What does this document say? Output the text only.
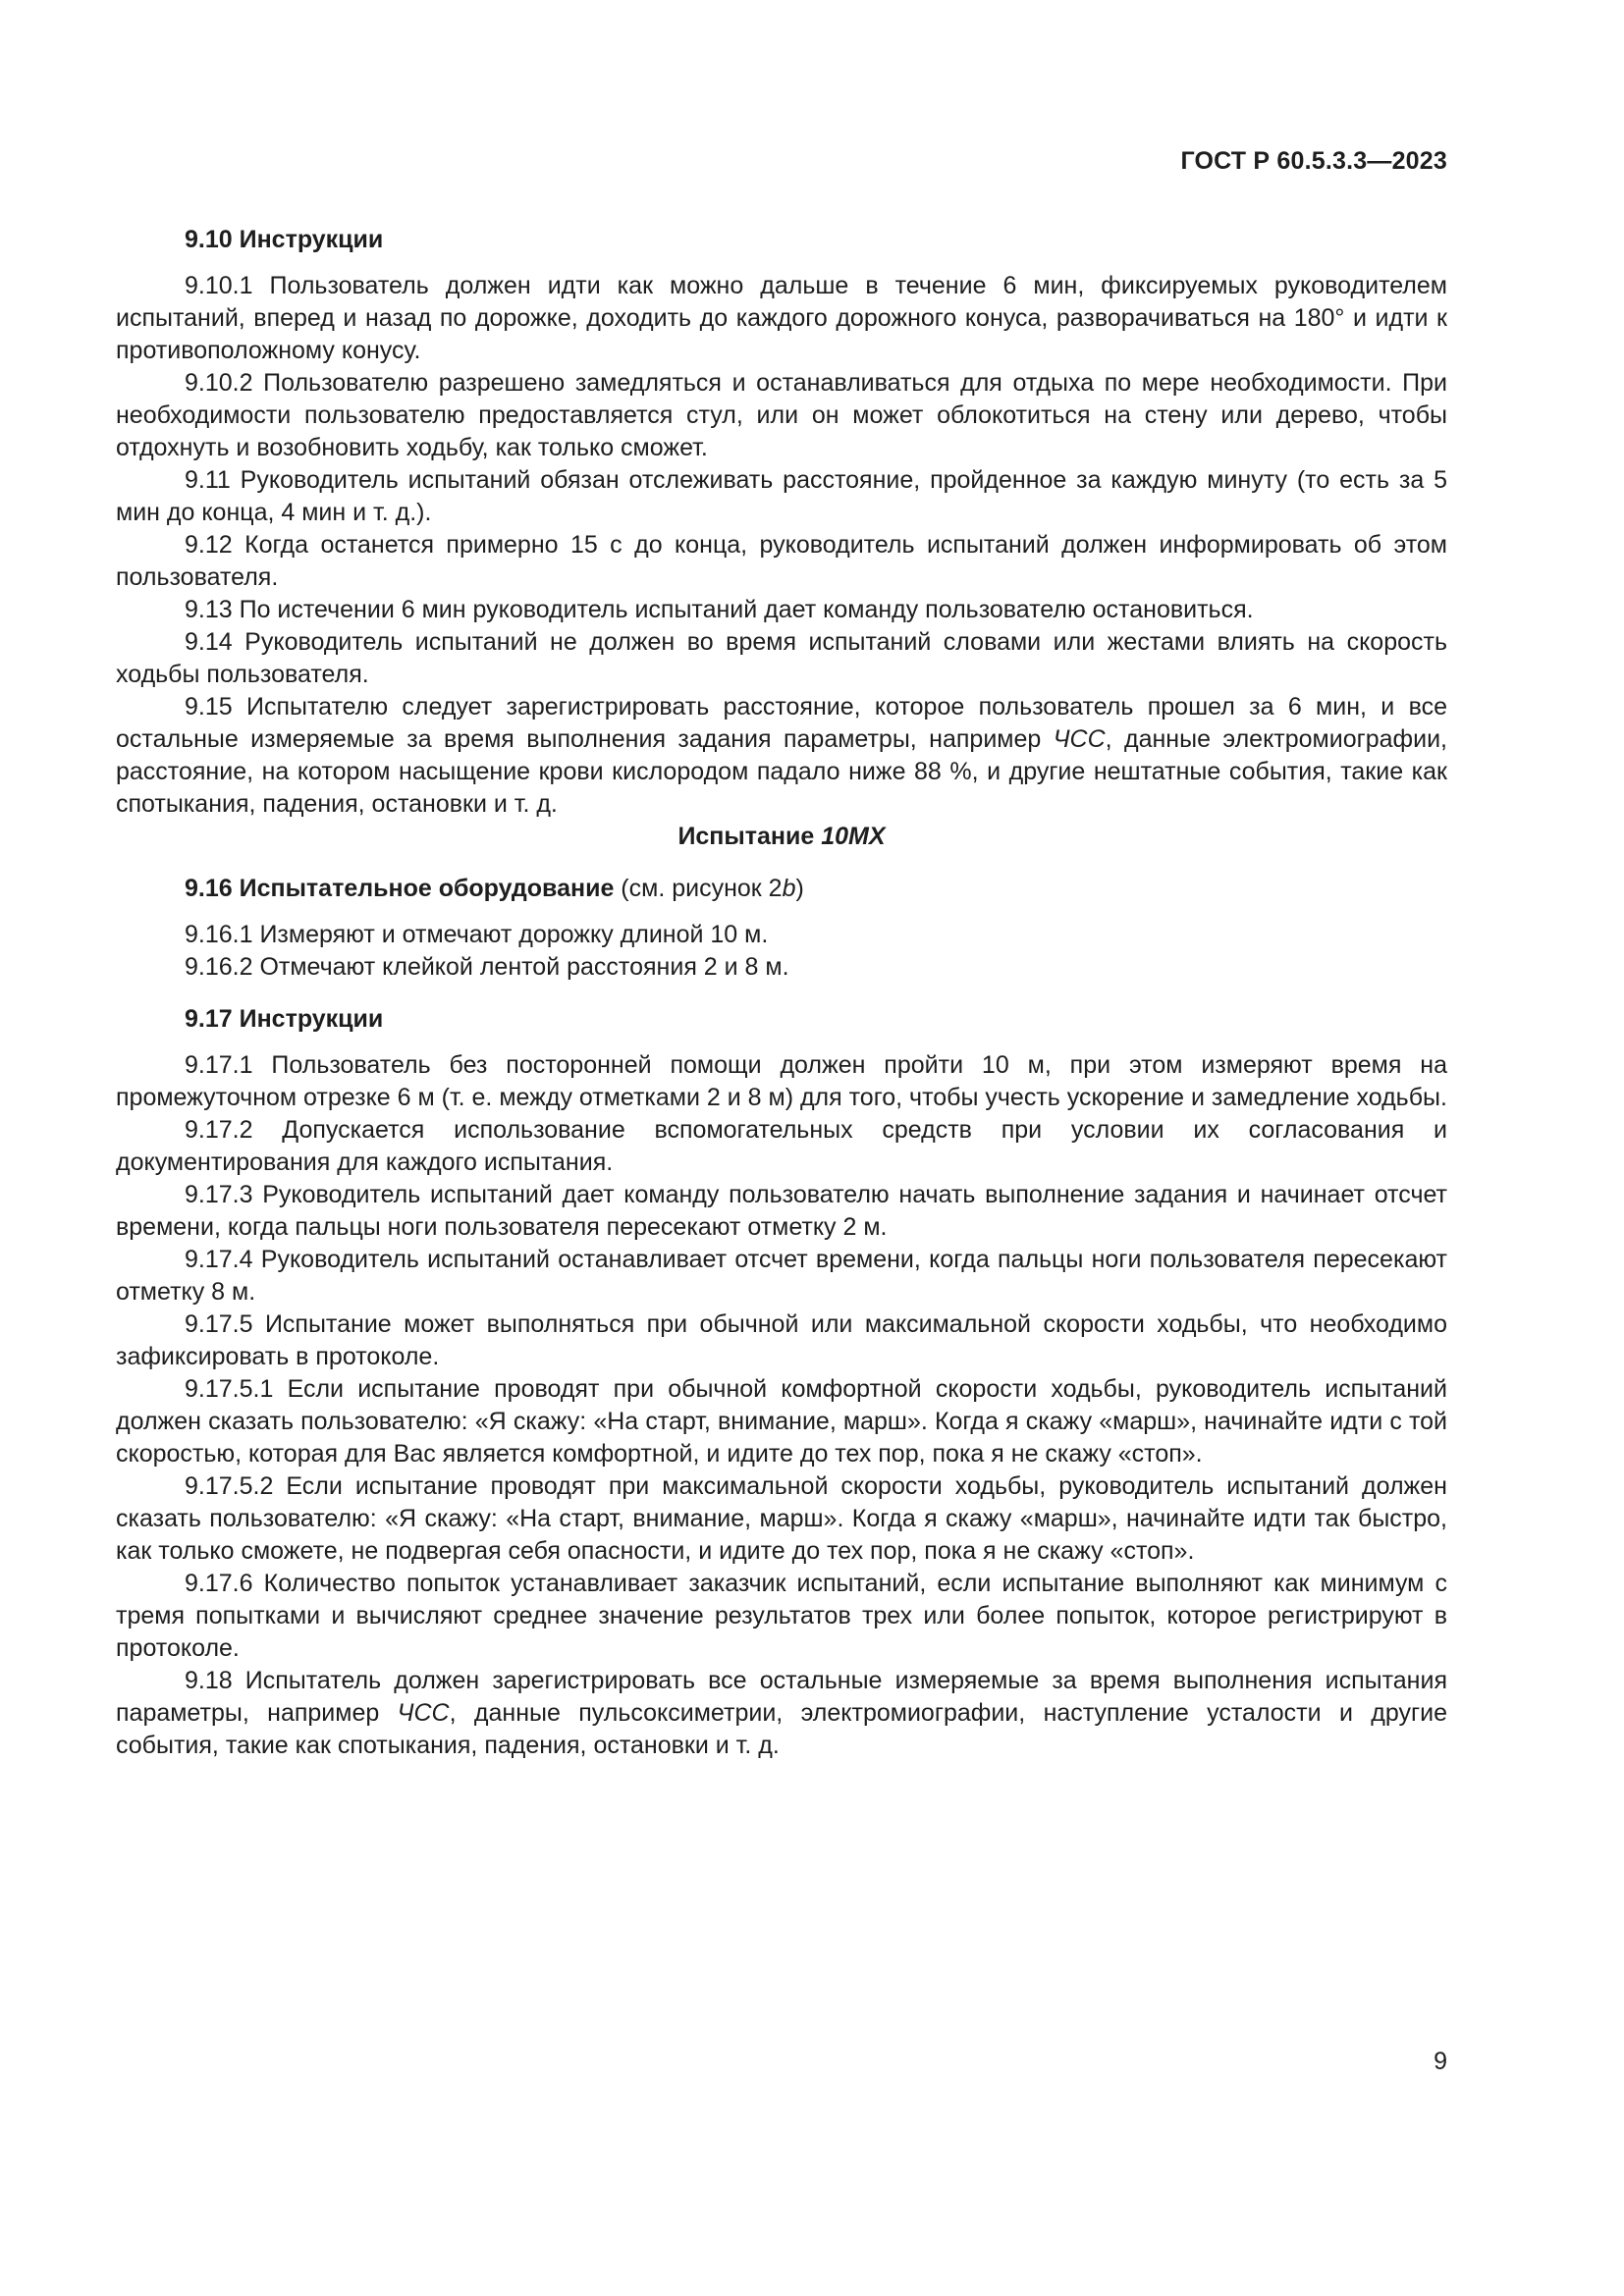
ГОСТ Р 60.5.3.3—2023
9.10 Инструкции

9.10.1 Пользователь должен идти как можно дальше в течение 6 мин, фиксируемых руководителем испытаний, вперед и назад по дорожке, доходить до каждого дорожного конуса, разворачиваться на 180° и идти к противоположному конусу.

9.10.2 Пользователю разрешено замедляться и останавливаться для отдыха по мере необходимости. При необходимости пользователю предоставляется стул, или он может облокотиться на стену или дерево, чтобы отдохнуть и возобновить ходьбу, как только сможет.

9.11 Руководитель испытаний обязан отслеживать расстояние, пройденное за каждую минуту (то есть за 5 мин до конца, 4 мин и т. д.).

9.12 Когда останется примерно 15 с до конца, руководитель испытаний должен информировать об этом пользователя.

9.13 По истечении 6 мин руководитель испытаний дает команду пользователю остановиться.

9.14 Руководитель испытаний не должен во время испытаний словами или жестами влиять на скорость ходьбы пользователя.

9.15 Испытателю следует зарегистрировать расстояние, которое пользователь прошел за 6 мин, и все остальные измеряемые за время выполнения задания параметры, например ЧСС, данные электромиографии, расстояние, на котором насыщение крови кислородом падало ниже 88 %, и другие нештатные события, такие как спотыкания, падения, остановки и т. д.

Испытание 10МХ
9.16 Испытательное оборудование (см. рисунок 2b)

9.16.1 Измеряют и отмечают дорожку длиной 10 м.

9.16.2 Отмечают клейкой лентой расстояния 2 и 8 м.

9.17 Инструкции

9.17.1 Пользователь без посторонней помощи должен пройти 10 м, при этом измеряют время на промежуточном отрезке 6 м (т. е. между отметками 2 и 8 м) для того, чтобы учесть ускорение и замедление ходьбы.

9.17.2 Допускается использование вспомогательных средств при условии их согласования и документирования для каждого испытания.

9.17.3 Руководитель испытаний дает команду пользователю начать выполнение задания и начинает отсчет времени, когда пальцы ноги пользователя пересекают отметку 2 м.

9.17.4 Руководитель испытаний останавливает отсчет времени, когда пальцы ноги пользователя пересекают отметку 8 м.

9.17.5 Испытание может выполняться при обычной или максимальной скорости ходьбы, что необходимо зафиксировать в протоколе.

9.17.5.1 Если испытание проводят при обычной комфортной скорости ходьбы, руководитель испытаний должен сказать пользователю: «Я скажу: «На старт, внимание, марш». Когда я скажу «марш», начинайте идти с той скоростью, которая для Вас является комфортной, и идите до тех пор, пока я не скажу «стоп».

9.17.5.2 Если испытание проводят при максимальной скорости ходьбы, руководитель испытаний должен сказать пользователю: «Я скажу: «На старт, внимание, марш». Когда я скажу «марш», начинайте идти так быстро, как только сможете, не подвергая себя опасности, и идите до тех пор, пока я не скажу «стоп».

9.17.6 Количество попыток устанавливает заказчик испытаний, если испытание выполняют как минимум с тремя попытками и вычисляют среднее значение результатов трех или более попыток, которое регистрируют в протоколе.

9.18 Испытатель должен зарегистрировать все остальные измеряемые за время выполнения испытания параметры, например ЧСС, данные пульсоксиметрии, электромиографии, наступление усталости и другие события, такие как спотыкания, падения, остановки и т. д.

9
